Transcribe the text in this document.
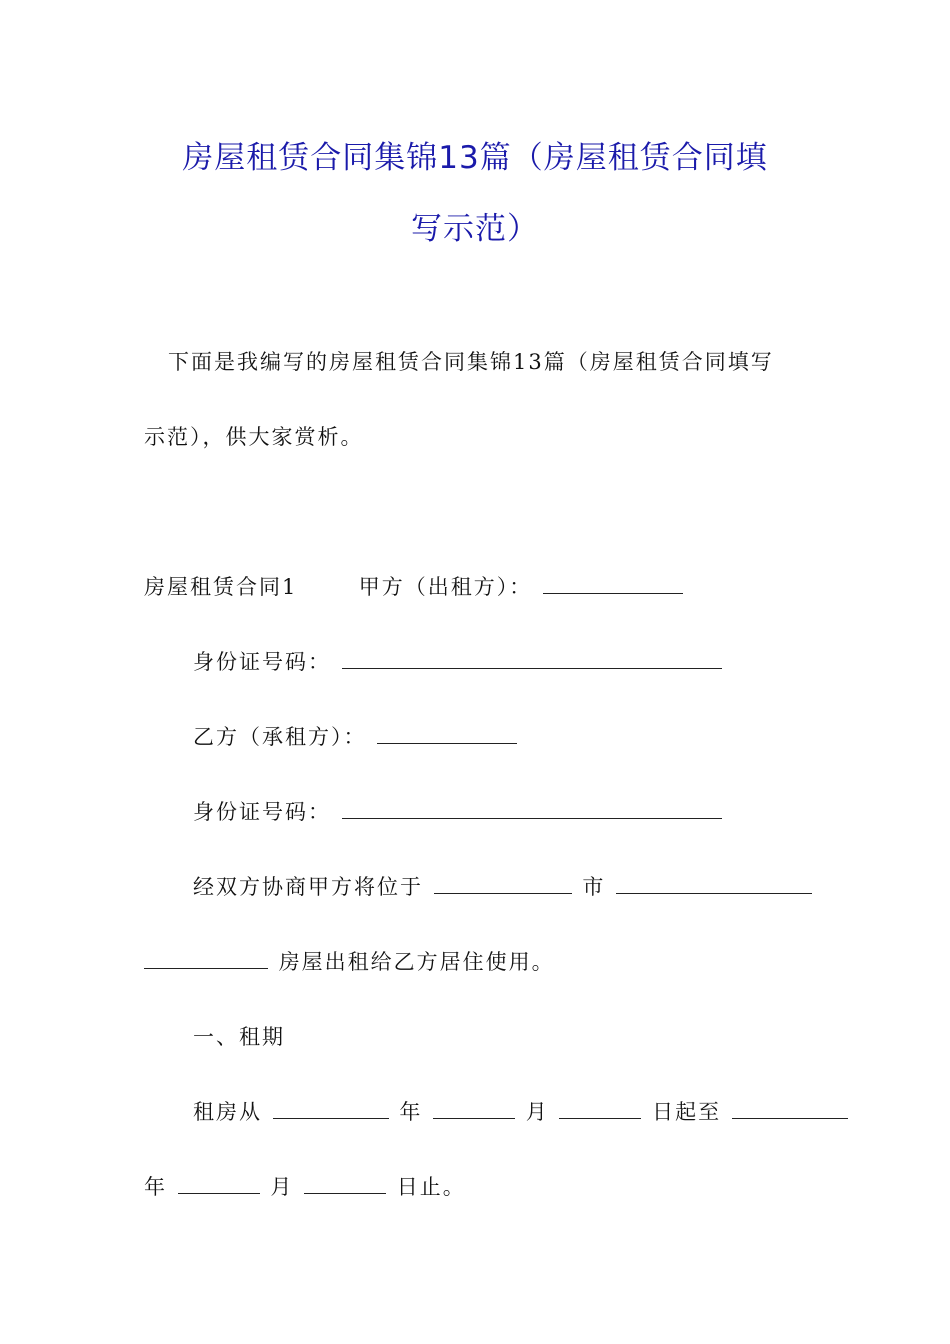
房屋租赁合同集锦13篇（房屋租赁合同填
写示范）
下面是我编写的房屋租赁合同集锦13篇（房屋租赁合同填写
示范），供大家赏析。
房屋租赁合同1	甲方（出租方）：
身份证号码：
乙方（承租方）：
身份证号码：
经双方协商甲方将位于	市
房屋出租给乙方居住使用。
一、租期
租房从	年	月	日起至
年	月	日止。
